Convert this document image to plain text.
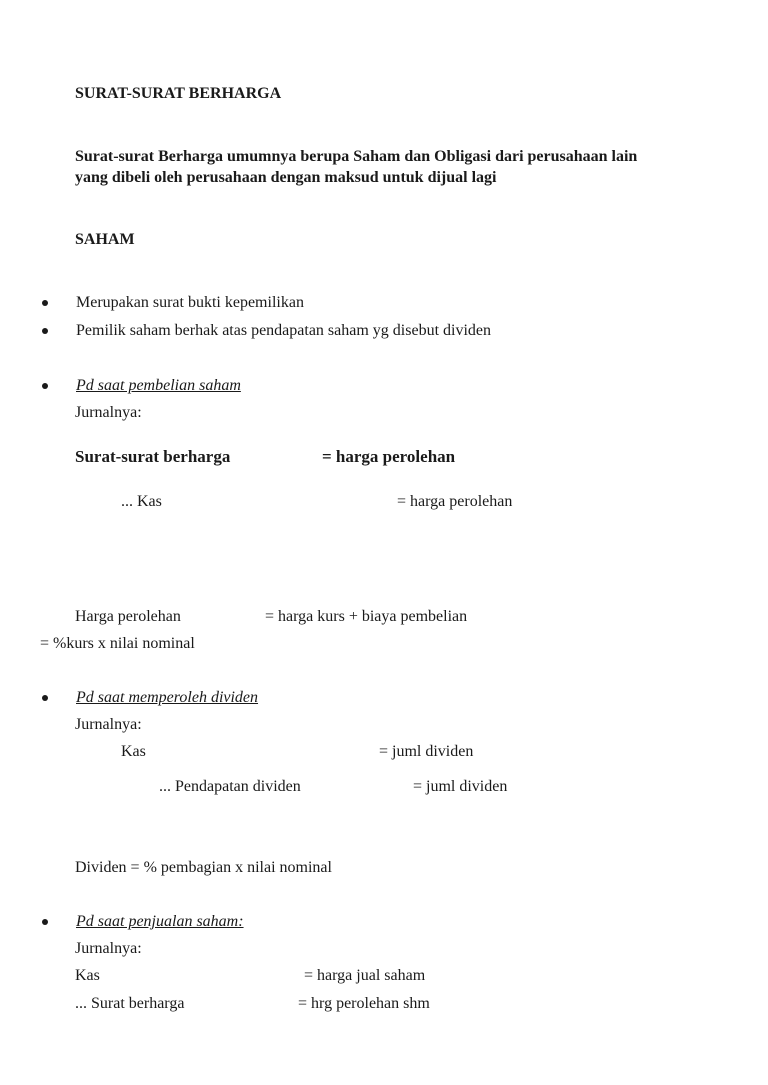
SURAT-SURAT BERHARGA
Surat-surat Berharga umumnya berupa Saham dan Obligasi dari perusahaan lain
yang dibeli oleh perusahaan dengan maksud untuk dijual lagi
SAHAM
Merupakan surat bukti kepemilikan
Pemilik saham berhak atas pendapatan saham yg disebut dividen
Pd saat pembelian saham
Jurnalnya:
Surat-surat berharga	= harga perolehan
... Kas	= harga perolehan
Harga perolehan	= harga kurs + biaya pembelian
= %kurs x nilai nominal
Pd saat memperoleh dividen
Jurnalnya:
Kas	= juml dividen
... Pendapatan dividen	= juml dividen
Dividen = % pembagian x nilai nominal
Pd saat penjualan saham:
Jurnalnya:
Kas	= harga jual saham
... Surat berharga	= hrg perolehan shm
